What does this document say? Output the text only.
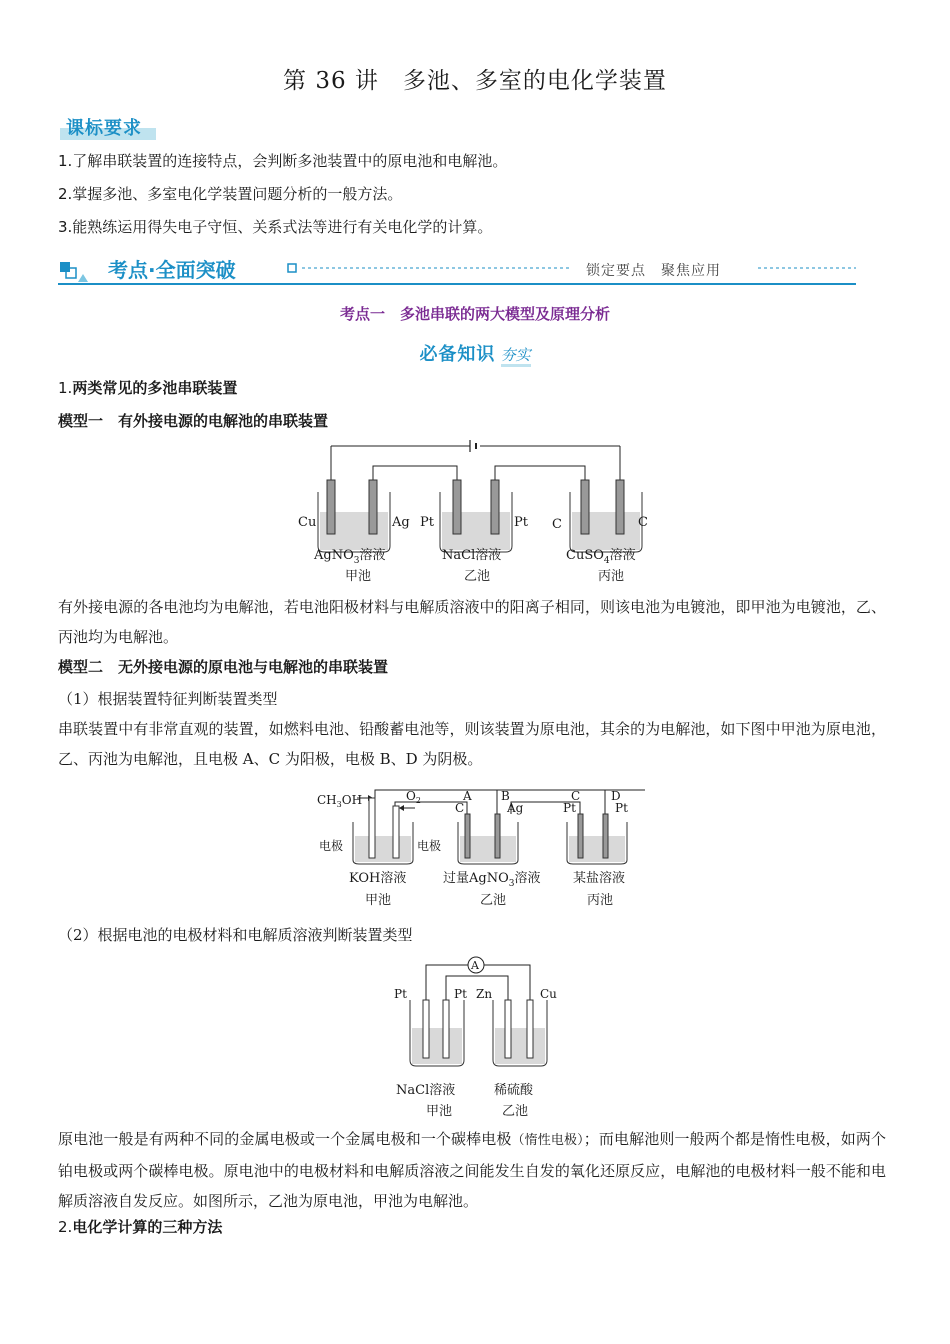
第 36 讲　多池、多室的电化学装置
课标要求
1.了解串联装置的连接特点，会判断多池装置中的原电池和电解池。
2.掌握多池、多室电化学装置问题分析的一般方法。
3.能熟练运用得失电子守恒、关系式法等进行有关电化学的计算。
考点·全面突破	锁定要点　聚焦应用
考点一　多池串联的两大模型及原理分析
必备知识 夯实
1.两类常见的多池串联装置
模型一　有外接电源的电解池的串联装置
Cu	Ag Pt	Pt C	C
AgNO$_3$溶液	NaCl溶液	CuSO$_4$溶液
甲池	乙池	丙池
有外接电源的各电池均为电解池，若电池阳极材料与电解质溶液中的阳离子相同，则该电池为电镀池，即甲池为电镀池，乙、丙池均为电解池。
模型二　无外接电源的原电池与电解池的串联装置
（1）根据装置特征判断装置类型
串联装置中有非常直观的装置，如燃料电池、铅酸蓄电池等，则该装置为原电池，其余的为电解池，如下图中甲池为原电池，乙、丙池为电解池，且电极 A、C 为阳极，电极 B、D 为阴极。
$CH_3OH$	$O_2$
电极	电极
A B
C	Ag
C	D
Pt	Pt
KOH溶液	过量AgNO$_3$溶液	某盐溶液
甲池	乙池	丙池
（2）根据电池的电极材料和电解质溶液判断装置类型
A
Pt	Pt Zn	Cu
NaCl溶液	稀硫酸
甲池	乙池
原电池一般是有两种不同的金属电极或一个金属电极和一个碳棒电极（惰性电极）；而电解池则一般两个都是惰性电极，如两个铂电极或两个碳棒电极。原电池中的电极材料和电解质溶液之间能发生自发的氧化还原反应，电解池的电极材料一般不能和电解质溶液自发反应。如图所示，乙池为原电池，甲池为电解池。
2.电化学计算的三种方法
